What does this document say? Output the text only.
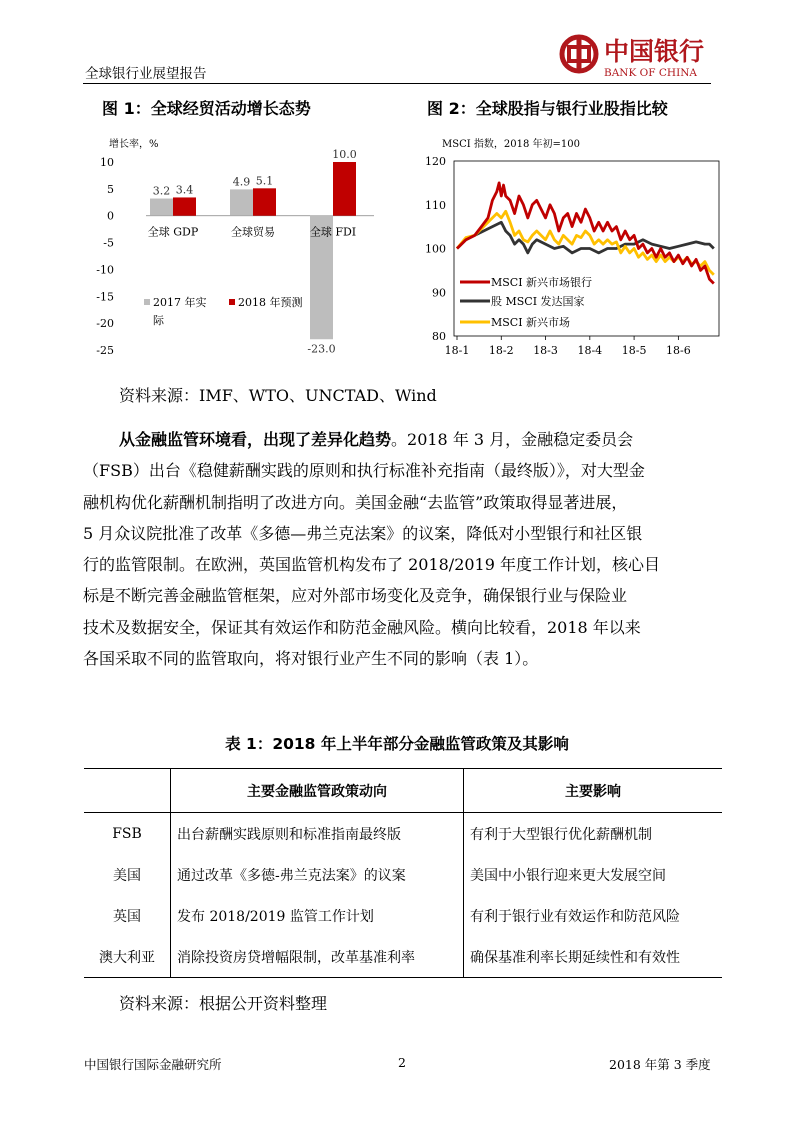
全球银行业展望报告
中国银行
BANK OF CHINA
图 1：全球经贸活动增长态势	图 2：全球股指与银行业股指比较
增长率，%
10
5
0
-5
-10
-15
-20
-25
3.2 3.4
4.9 5.1
-23.0
10.0
全球 GDP	全球贸易	全球 FDI
2017 年实
际
2018 年预测
MSCI 指数，2018 年初=100
120
110
100
90
80
18-1 18-2 18-3 18-4 18-5 18-6
MSCI 新兴市场银行
股 MSCI 发达国家
MSCI 新兴市场
资料来源：IMF、WTO、UNCTAD、Wind

从金融监管环境看，出现了差异化趋势。2018 年 3 月，金融稳定委员会

（FSB）出台《稳健薪酬实践的原则和执行标准补充指南（最终版）》，对大型金

融机构优化薪酬机制指明了改进方向。美国金融“去监管”政策取得显著进展，

5 月众议院批准了改革《多德—弗兰克法案》的议案，降低对小型银行和社区银

行的监管限制。在欧洲，英国监管机构发布了 2018/2019 年度工作计划，核心目

标是不断完善金融监管框架，应对外部市场变化及竞争，确保银行业与保险业

技术及数据安全，保证其有效运作和防范金融风险。横向比较看，2018 年以来

各国采取不同的监管取向，将对银行业产生不同的影响（表 1）。

表 1：2018 年上半年部分金融监管政策及其影响
	主要金融监管政策动向	主要影响
FSB	出台薪酬实践原则和标准指南最终版	有利于大型银行优化薪酬机制
美国	通过改革《多德-弗兰克法案》的议案	美国中小银行迎来更大发展空间
英国	发布 2018/2019 监管工作计划	有利于银行业有效运作和防范风险
澳大利亚	消除投资房贷增幅限制，改革基准利率	确保基准利率长期延续性和有效性
资料来源：根据公开资料整理
中国银行国际金融研究所	2	2018 年第 3 季度
